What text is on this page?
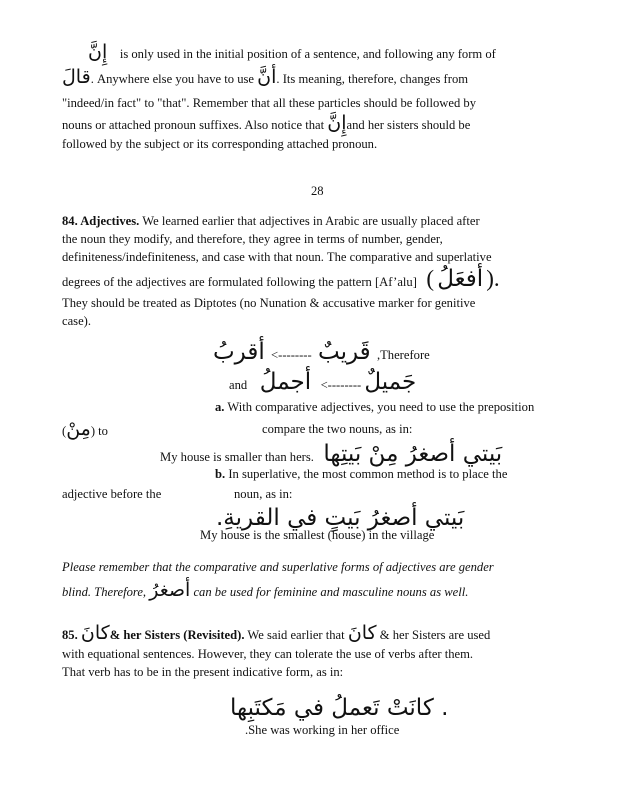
إِنَّ is only used in the initial position of a sentence, and following any form of
قالَ. Anywhere else you have to use أنَّ. Its meaning, therefore, changes from
"indeed/in fact" to "that". Remember that all these particles should be followed by
nouns or attached pronoun suffixes. Also notice that إِنَّand her sisters should be
followed by the subject or its corresponding attached pronoun.
28
84. Adjectives. We learned earlier that adjectives in Arabic are usually placed after
the noun they modify, and therefore, they agree in terms of number, gender,
definiteness/indefiniteness, and case with that noun. The comparative and superlative
degrees of the adjectives are formulated following the pattern [Af’alu] ( أفعَلُ ).
They should be treated as Diptotes (no Nunation & accusative marker for genitive
case).
أقربُ <-------- قَريبٌ ,Therefore
and أجملُ <-------- جَميلٌ
a. With comparative adjectives, you need to use the preposition
(مِنْ) to	compare the two nouns, as in:
My house is smaller than hers. بَيتي أصغرُ مِنْ بَيتِها
b. In superlative, the most common method is to place the
adjective before the	noun, as in:
بَيتي أصغرُ بَيتٍ في القريةِ.
My house is the smallest (house) in the village
Please remember that the comparative and superlative forms of adjectives are gender
blind. Therefore, أصغرُ can be used for feminine and masculine nouns as well.
85. كانَ& her Sisters (Revisited). We said earlier that كانَ & her Sisters are used
with equational sentences. However, they can tolerate the use of verbs after them.
That verb has to be in the present indicative form, as in:
. كانَتْ تَعملُ في مَكتَبِها
.She was working in her office
